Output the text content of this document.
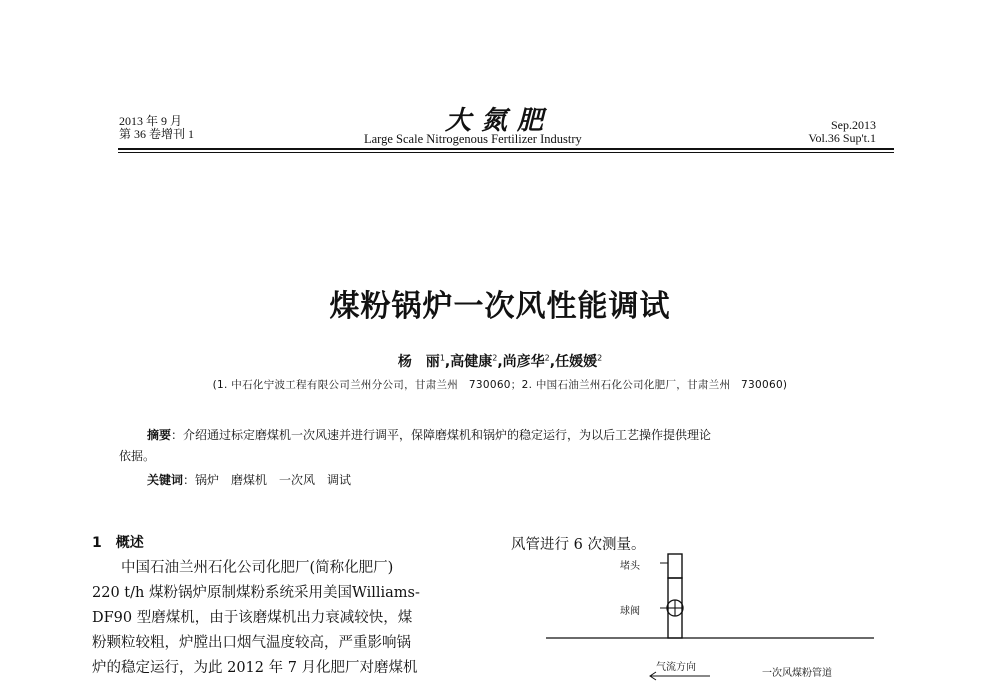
2013 年 9 月
第 36 卷增刊 1	大氮肥
Large Scale Nitrogenous Fertilizer Industry
Sep.2013
Vol.36 Sup't.1
煤粉锅炉一次风性能调试
杨　丽$^1$,高健康$^2$,尚彦华$^2$,任媛媛$^2$
(1. 中石化宁波工程有限公司兰州分公司，甘肃兰州　730060；2. 中国石油兰州石化公司化肥厂，甘肃兰州　730060)
摘要：介绍通过标定磨煤机一次风速并进行调平，保障磨煤机和锅炉的稳定运行，为以后工艺操作提供理论
依据。
关键词：锅炉　磨煤机　一次风　调试
1　概述
中国石油兰州石化公司化肥厂(简称化肥厂)
220 t/h 煤粉锅炉原制煤粉系统采用美国Williams-
DF90 型磨煤机，由于该磨煤机出力衰减较快，煤
粉颗粒较粗，炉膛出口烟气温度较高，严重影响锅
炉的稳定运行，为此 2012 年 7 月化肥厂对磨煤机
风管进行 6 次测量。
堵头
球阀
气流方向
一次风煤粉管道
